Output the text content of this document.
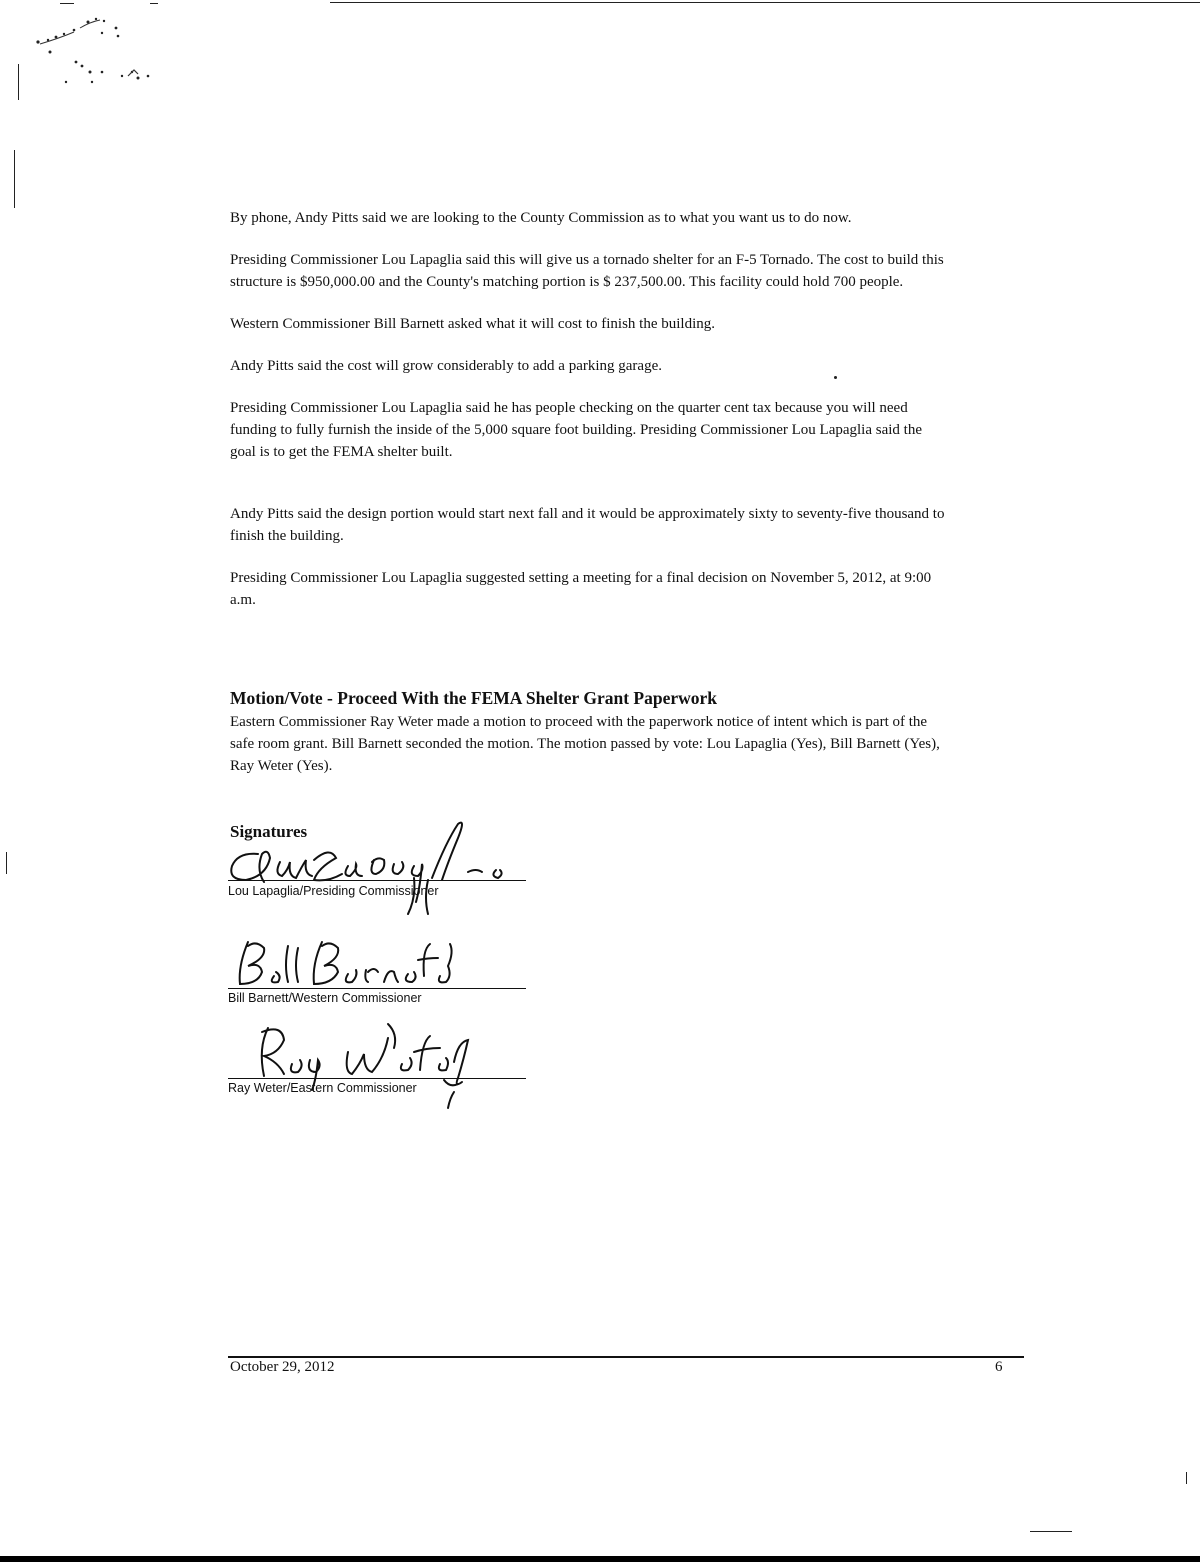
By phone, Andy Pitts said we are looking to the County Commission as to what you want us to do now.

Presiding Commissioner Lou Lapaglia said this will give us a tornado shelter for an F-5 Tornado. The cost to build this structure is $950,000.00 and the County's matching portion is $ 237,500.00. This facility could hold 700 people.

Western Commissioner Bill Barnett asked what it will cost to finish the building.

Andy Pitts said the cost will grow considerably to add a parking garage.

Presiding Commissioner Lou Lapaglia said he has people checking on the quarter cent tax because you will need funding to fully furnish the inside of the 5,000 square foot building. Presiding Commissioner Lou Lapaglia said the goal is to get the FEMA shelter built.

Andy Pitts said the design portion would start next fall and it would be approximately sixty to seventy-five thousand to finish the building.

Presiding Commissioner Lou Lapaglia suggested setting a meeting for a final decision on November 5, 2012, at 9:00 a.m.

Motion/Vote - Proceed With the FEMA Shelter Grant Paperwork

Eastern Commissioner Ray Weter made a motion to proceed with the paperwork notice of intent which is part of the safe room grant. Bill Barnett seconded the motion. The motion passed by vote: Lou Lapaglia (Yes), Bill Barnett (Yes), Ray Weter (Yes).

Signatures
Lou Lapaglia/Presiding Commissioner
Bill Barnett/Western Commissioner
Ray Weter/Eastern Commissioner
October 29, 2012	6
